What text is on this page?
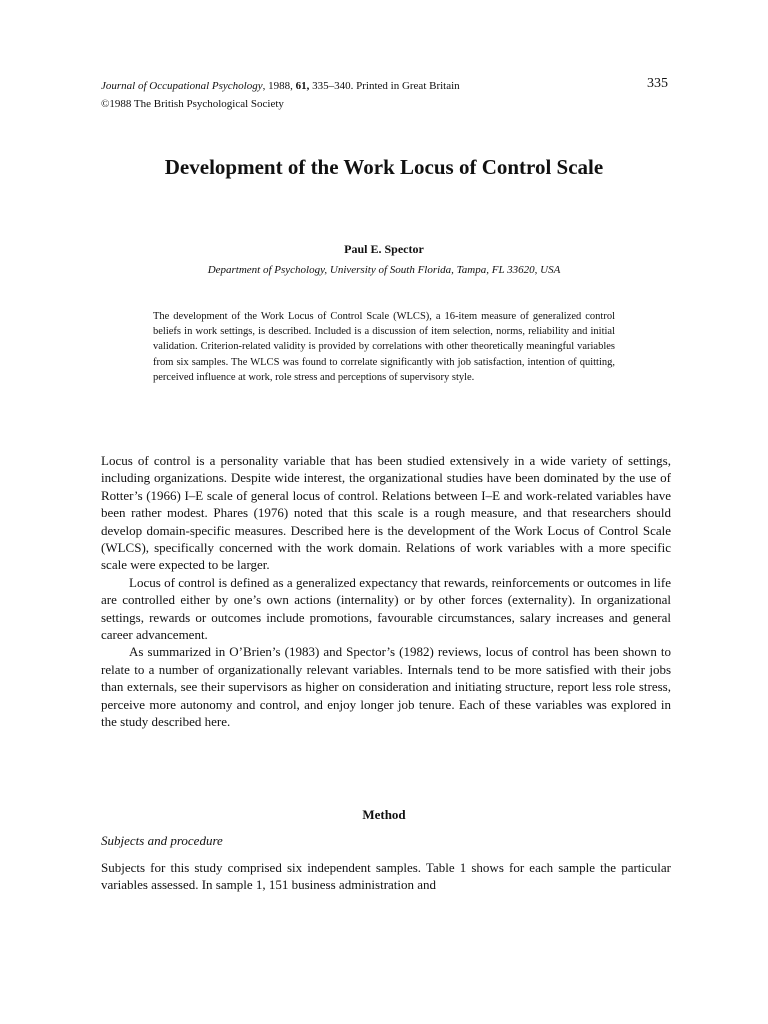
Journal of Occupational Psychology, 1988, 61, 335–340. Printed in Great Britain
©1988 The British Psychological Society
335
Development of the Work Locus of Control Scale
Paul E. Spector
Department of Psychology, University of South Florida, Tampa, FL 33620, USA
The development of the Work Locus of Control Scale (WLCS), a 16-item measure of generalized control beliefs in work settings, is described. Included is a discussion of item selection, norms, reliability and initial validation. Criterion-related validity is provided by correlations with other theoretically meaningful variables from six samples. The WLCS was found to correlate significantly with job satisfaction, intention of quitting, perceived influence at work, role stress and perceptions of supervisory style.

Locus of control is a personality variable that has been studied extensively in a wide variety of settings, including organizations. Despite wide interest, the organizational studies have been dominated by the use of Rotter’s (1966) I–E scale of general locus of control. Relations between I–E and work-related variables have been rather modest. Phares (1976) noted that this scale is a rough measure, and that researchers should develop domain-specific measures. Described here is the development of the Work Locus of Control Scale (WLCS), specifically concerned with the work domain. Relations of work variables with a more specific scale were expected to be larger.

Locus of control is defined as a generalized expectancy that rewards, reinforcements or outcomes in life are controlled either by one’s own actions (internality) or by other forces (externality). In organizational settings, rewards or outcomes include promotions, favourable circumstances, salary increases and general career advancement.

As summarized in O’Brien’s (1983) and Spector’s (1982) reviews, locus of control has been shown to relate to a number of organizationally relevant variables. Internals tend to be more satisfied with their jobs than externals, see their supervisors as higher on consideration and initiating structure, report less role stress, perceive more autonomy and control, and enjoy longer job tenure. Each of these variables was explored in the study described here.

Method
Subjects and procedure

Subjects for this study comprised six independent samples. Table 1 shows for each sample the particular variables assessed. In sample 1, 151 business administration and
